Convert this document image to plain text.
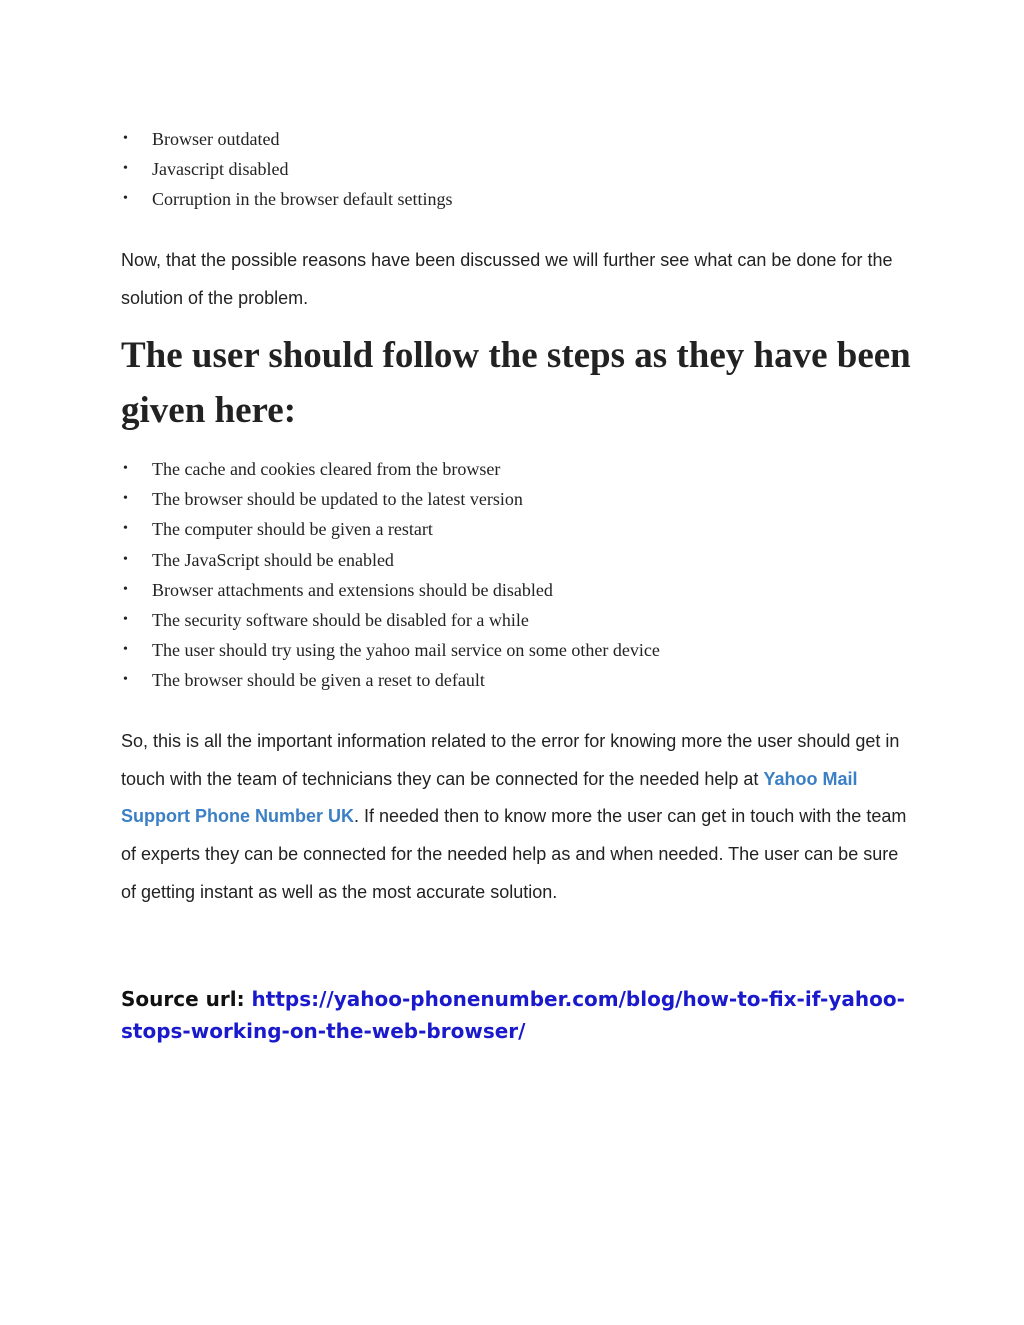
• Browser outdated
• Javascript disabled
• Corruption in the browser default settings

Now, that the possible reasons have been discussed we will further see what can be done for the solution of the problem.

The user should follow the steps as they have been given here:
• The cache and cookies cleared from the browser
• The browser should be updated to the latest version
• The computer should be given a restart
• The JavaScript should be enabled
• Browser attachments and extensions should be disabled
• The security software should be disabled for a while
• The user should try using the yahoo mail service on some other device
• The browser should be given a reset to default

So, this is all the important information related to the error for knowing more the user should get in touch with the team of technicians they can be connected for the needed help at Yahoo Mail Support Phone Number UK. If needed then to know more the user can get in touch with the team of experts they can be connected for the needed help as and when needed. The user can be sure of getting instant as well as the most accurate solution.

Source url: https://yahoo-phonenumber.com/blog/how-to-fix-if-yahoo-stops-working-on-the-web-browser/
